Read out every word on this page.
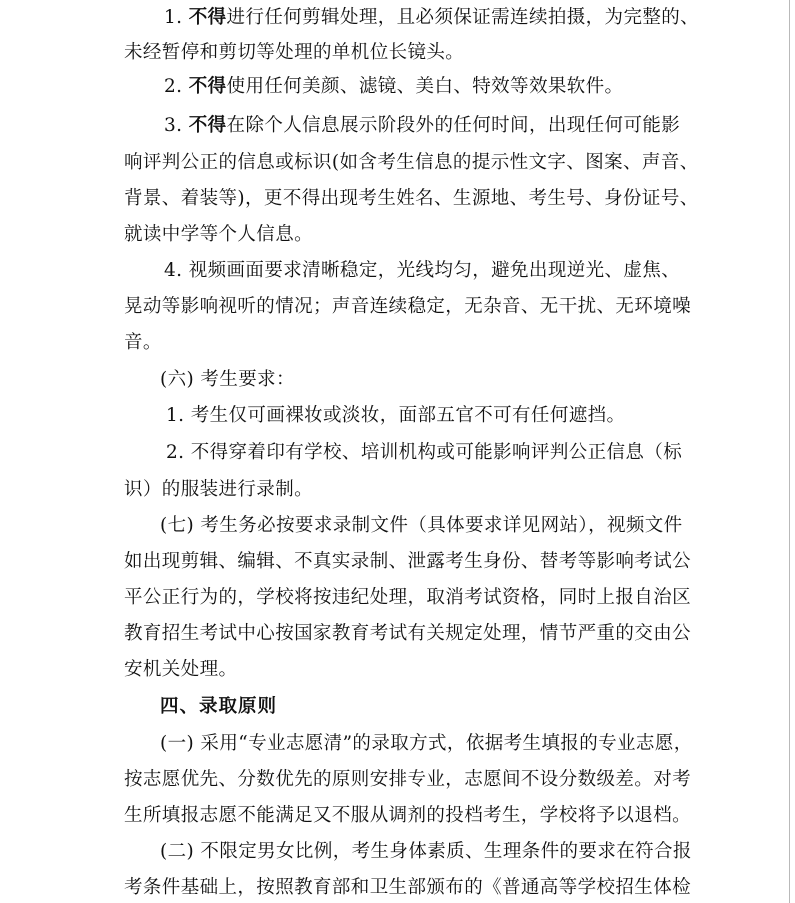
1. 不得进行任何剪辑处理，且必须保证需连续拍摄，为完整的、
未经暂停和剪切等处理的单机位长镜头。
2. 不得使用任何美颜、滤镜、美白、特效等效果软件。
3. 不得在除个人信息展示阶段外的任何时间，出现任何可能影
响评判公正的信息或标识(如含考生信息的提示性文字、图案、声音、
背景、着装等)，更不得出现考生姓名、生源地、考生号、身份证号、
就读中学等个人信息。
4. 视频画面要求清晰稳定，光线均匀，避免出现逆光、虚焦、
晃动等影响视听的情况；声音连续稳定，无杂音、无干扰、无环境噪
音。
(六) 考生要求：
1. 考生仅可画裸妆或淡妆，面部五官不可有任何遮挡。
2. 不得穿着印有学校、培训机构或可能影响评判公正信息（标
识）的服装进行录制。
(七) 考生务必按要求录制文件（具体要求详见网站），视频文件
如出现剪辑、编辑、不真实录制、泄露考生身份、替考等影响考试公
平公正行为的，学校将按违纪处理，取消考试资格，同时上报自治区
教育招生考试中心按国家教育考试有关规定处理，情节严重的交由公
安机关处理。
四、录取原则
(一) 采用“专业志愿清”的录取方式，依据考生填报的专业志愿，
按志愿优先、分数优先的原则安排专业，志愿间不设分数级差。对考
生所填报志愿不能满足又不服从调剂的投档考生，学校将予以退档。
(二) 不限定男女比例，考生身体素质、生理条件的要求在符合报
考条件基础上，按照教育部和卫生部颁布的《普通高等学校招生体检
